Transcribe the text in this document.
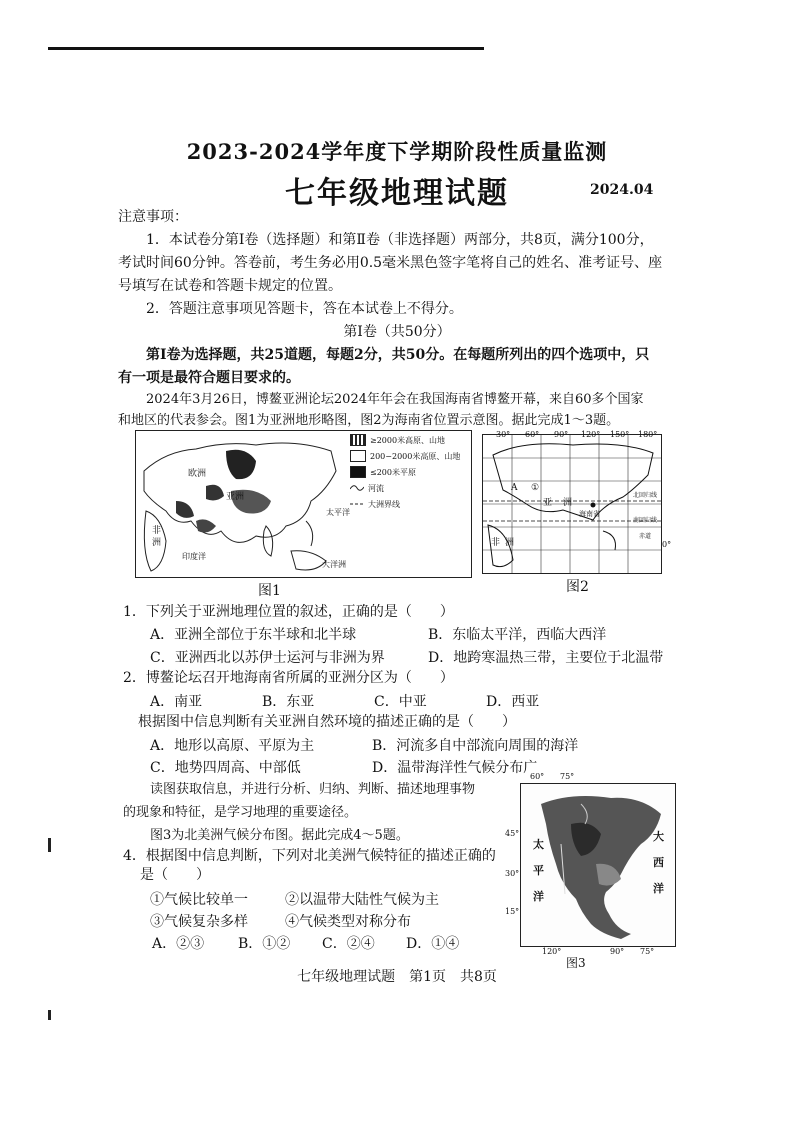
2023-2024学年度下学期阶段性质量监测
七年级地理试题	2024.04
注意事项：
1．本试卷分第Ⅰ卷（选择题）和第Ⅱ卷（非选择题）两部分，共8页，满分100分，
考试时间60分钟。答卷前，考生务必用0.5毫米黑色签字笔将自己的姓名、准考证号、座
号填写在试卷和答题卡规定的位置。
2．答题注意事项见答题卡，答在本试卷上不得分。
第Ⅰ卷（共50分）
第Ⅰ卷为选择题，共25道题，每题2分，共50分。在每题所列出的四个选项中，只
有一项是最符合题目要求的。
2024年3月26日，博鳌亚洲论坛2024年年会在我国海南省博鳌开幕，来自60多个国家
和地区的代表参会。图1为亚洲地形略图，图2为海南省位置示意图。据此完成1～3题。
欧洲
亚洲
非
洲
太平洋
印度洋
大洋洲
≥2000米高原、山地
200−2000米高原、山地
≤200米平原
河流
大洲界线
图1
A ①
亚 洲
非 洲
海南省
北回归线
赤道
南回归线
30° 60° 90° 120° 150° 180°
0°
图2
1．下列关于亚洲地理位置的叙述，正确的是（　　）
A．亚洲全部位于东半球和北半球	B．东临太平洋，西临大西洋
C．亚洲西北以苏伊士运河与非洲为界	D．地跨寒温热三带，主要位于北温带
2．博鳌论坛召开地海南省所属的亚洲分区为（　　）
A．南亚	B．东亚	C．中亚	D．西亚
根据图中信息判断有关亚洲自然环境的描述正确的是（　　）
A．地形以高原、平原为主	B．河流多自中部流向周围的海洋
C．地势四周高、中部低	D．温带海洋性气候分布广
读图获取信息，并进行分析、归纳、判断、描述地理事物
的现象和特征，是学习地理的重要途径。
图3为北美洲气候分布图。据此完成4～5题。
4．根据图中信息判断，下列对北美洲气候特征的描述正确的
是（　　）
①气候比较单一	②以温带大陆性气候为主
③气候复杂多样	④气候类型对称分布
A．②③ B．①② C．②④ D．①④
太
平
洋
大
西
洋
60° 75°
45°
30°
15°
120°	90° 75°
图3
七年级地理试题　第1页　共8页
